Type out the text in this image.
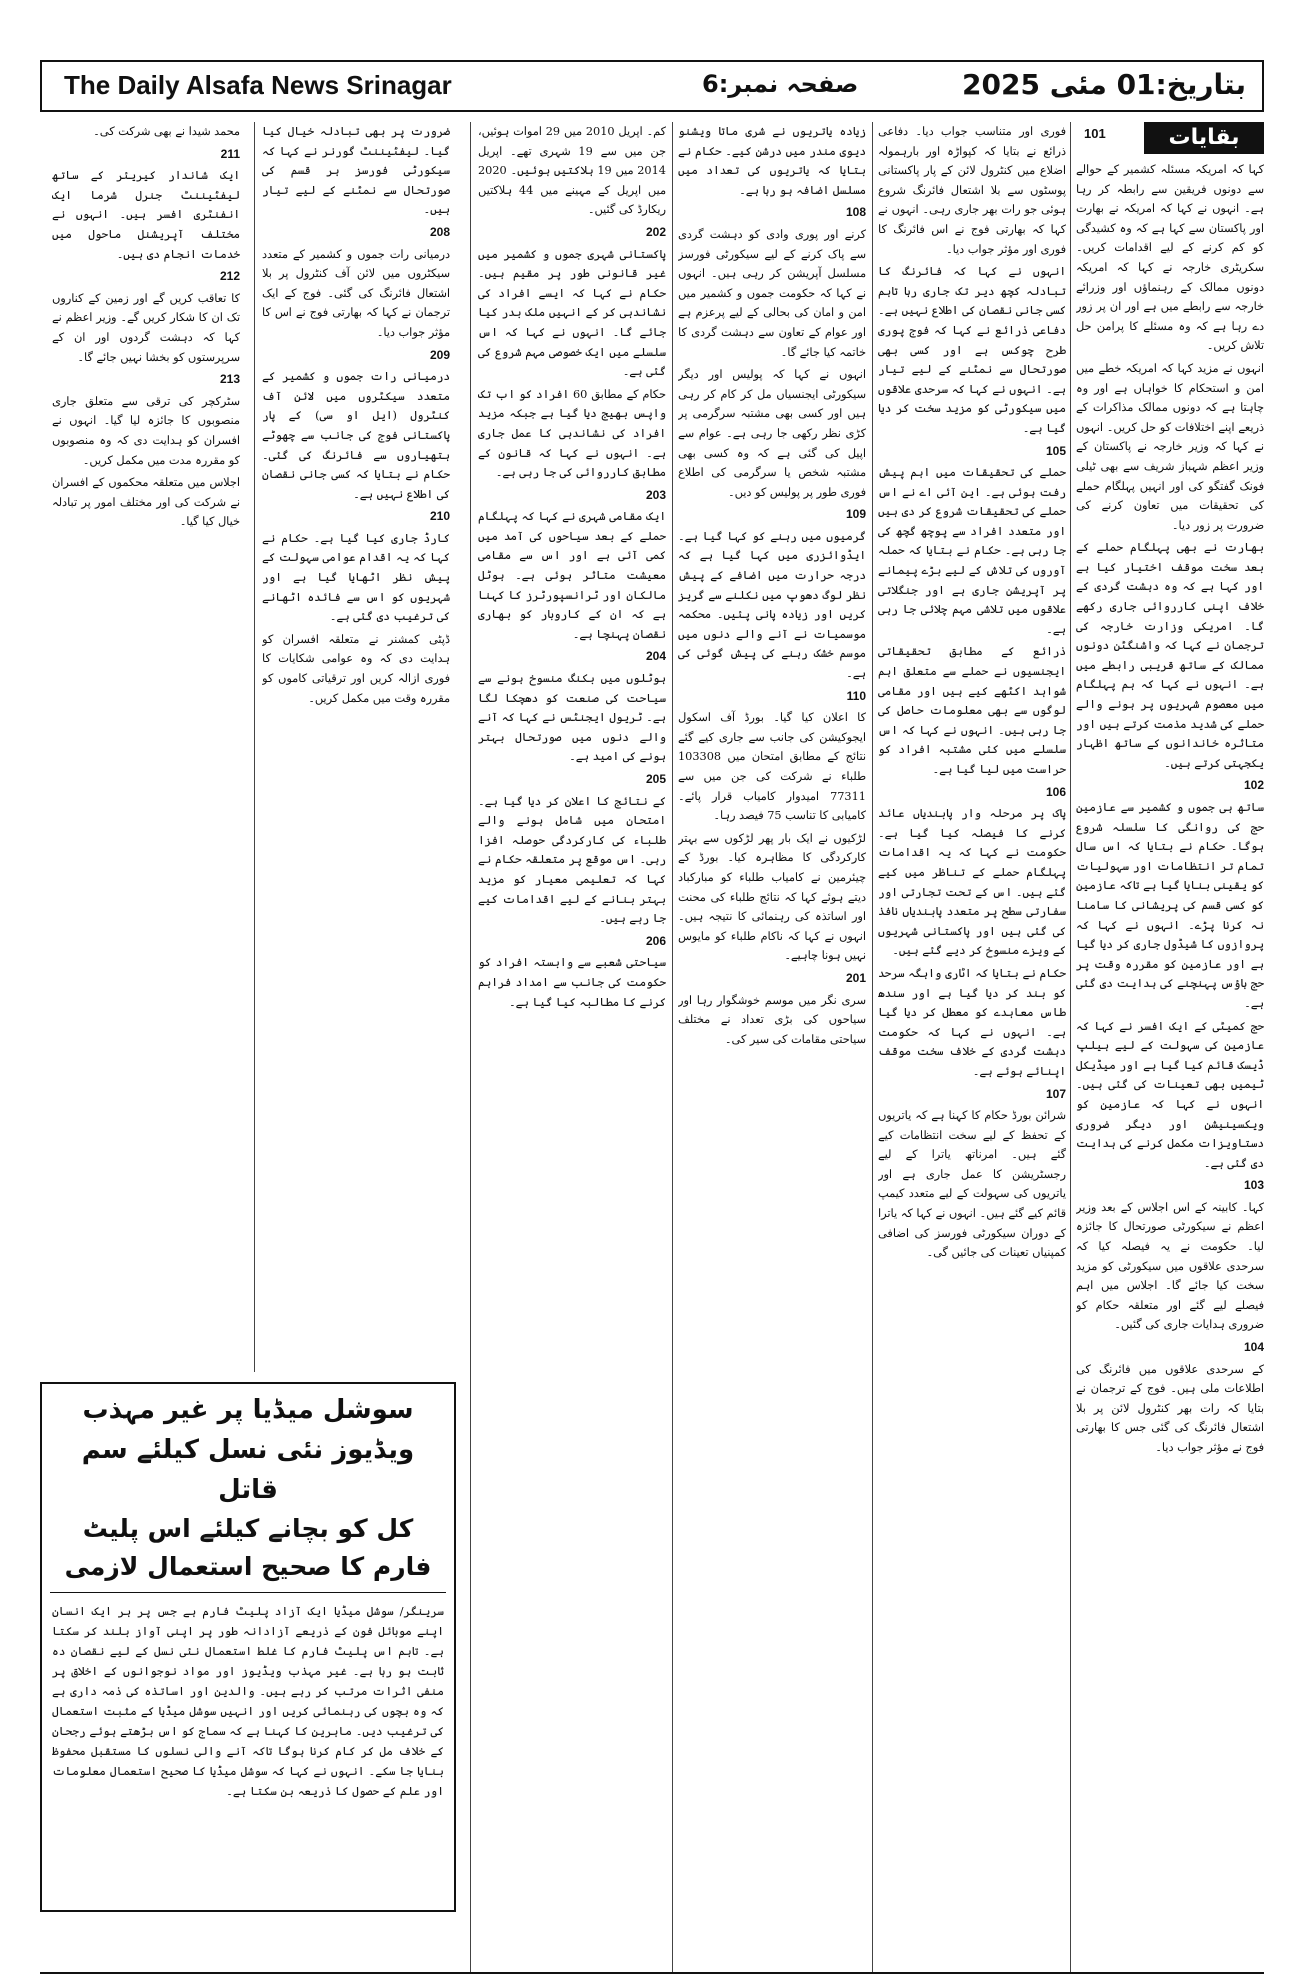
The Daily Alsafa News Srinagar	صفحہ نمبر:6	بتاریخ:01 مئی 2025
بقایات
101

کہا کہ امریکہ مسئلہ کشمیر کے حوالے سے دونوں فریقین سے رابطہ کر رہا ہے۔ انہوں نے کہا کہ امریکہ نے بھارت اور پاکستان سے کہا ہے کہ وہ کشیدگی کو کم کرنے کے لیے اقدامات کریں۔ سکریٹری خارجہ نے کہا کہ امریکہ دونوں ممالک کے رہنماؤں اور وزرائے خارجہ سے رابطے میں ہے اور ان پر زور دے رہا ہے کہ وہ مسئلے کا پرامن حل تلاش کریں۔

انہوں نے مزید کہا کہ امریکہ خطے میں امن و استحکام کا خواہاں ہے اور وہ چاہتا ہے کہ دونوں ممالک مذاکرات کے ذریعے اپنے اختلافات کو حل کریں۔ انہوں نے کہا کہ وزیر خارجہ نے پاکستان کے وزیر اعظم شہباز شریف سے بھی ٹیلی فونک گفتگو کی اور انہیں پہلگام حملے کی تحقیقات میں تعاون کرنے کی ضرورت پر زور دیا۔

بھارت نے بھی پہلگام حملے کے بعد سخت موقف اختیار کیا ہے اور کہا ہے کہ وہ دہشت گردی کے خلاف اپنی کارروائی جاری رکھے گا۔ امریکی وزارت خارجہ کی ترجمان نے کہا کہ واشنگٹن دونوں ممالک کے ساتھ قریبی رابطے میں ہے۔ انہوں نے کہا کہ ہم پہلگام میں معصوم شہریوں پر ہونے والے حملے کی شدید مذمت کرتے ہیں اور متاثرہ خاندانوں کے ساتھ اظہار یکجہتی کرتے ہیں۔

102

ساتھ ہی جموں و کشمیر سے عازمین حج کی روانگی کا سلسلہ شروع ہوگا۔ حکام نے بتایا کہ اس سال تمام تر انتظامات اور سہولیات کو یقینی بنایا گیا ہے تاکہ عازمین کو کسی قسم کی پریشانی کا سامنا نہ کرنا پڑے۔ انہوں نے کہا کہ پروازوں کا شیڈول جاری کر دیا گیا ہے اور عازمین کو مقررہ وقت پر حج ہاؤس پہنچنے کی ہدایت دی گئی ہے۔

حج کمیٹی کے ایک افسر نے کہا کہ عازمین کی سہولت کے لیے ہیلپ ڈیسک قائم کیا گیا ہے اور میڈیکل ٹیمیں بھی تعینات کی گئی ہیں۔ انہوں نے کہا کہ عازمین کو ویکسینیشن اور دیگر ضروری دستاویزات مکمل کرنے کی ہدایت دی گئی ہے۔

103

کہا۔ کابینہ کے اس اجلاس کے بعد وزیر اعظم نے سیکورٹی صورتحال کا جائزہ لیا۔ حکومت نے یہ فیصلہ کیا کہ سرحدی علاقوں میں سیکورٹی کو مزید سخت کیا جائے گا۔ اجلاس میں اہم فیصلے لیے گئے اور متعلقہ حکام کو ضروری ہدایات جاری کی گئیں۔

104

کے سرحدی علاقوں میں فائرنگ کی اطلاعات ملی ہیں۔ فوج کے ترجمان نے بتایا کہ رات بھر کنٹرول لائن پر بلا اشتعال فائرنگ کی گئی جس کا بھارتی فوج نے مؤثر جواب دیا۔

فوری اور متناسب جواب دیا۔ دفاعی ذرائع نے بتایا کہ کپواڑہ اور بارہمولہ اضلاع میں کنٹرول لائن کے پار پاکستانی پوسٹوں سے بلا اشتعال فائرنگ شروع ہوئی جو رات بھر جاری رہی۔ انہوں نے کہا کہ بھارتی فوج نے اس فائرنگ کا فوری اور مؤثر جواب دیا۔

انہوں نے کہا کہ فائرنگ کا تبادلہ کچھ دیر تک جاری رہا تاہم کسی جانی نقصان کی اطلاع نہیں ہے۔ دفاعی ذرائع نے کہا کہ فوج پوری طرح چوکس ہے اور کسی بھی صورتحال سے نمٹنے کے لیے تیار ہے۔ انہوں نے کہا کہ سرحدی علاقوں میں سیکورٹی کو مزید سخت کر دیا گیا ہے۔

105

حملے کی تحقیقات میں اہم پیش رفت ہوئی ہے۔ این آئی اے نے اس حملے کی تحقیقات شروع کر دی ہیں اور متعدد افراد سے پوچھ گچھ کی جا رہی ہے۔ حکام نے بتایا کہ حملہ آوروں کی تلاش کے لیے بڑے پیمانے پر آپریشن جاری ہے اور جنگلاتی علاقوں میں تلاشی مہم چلائی جا رہی ہے۔

ذرائع کے مطابق تحقیقاتی ایجنسیوں نے حملے سے متعلق اہم شواہد اکٹھے کیے ہیں اور مقامی لوگوں سے بھی معلومات حاصل کی جا رہی ہیں۔ انہوں نے کہا کہ اس سلسلے میں کئی مشتبہ افراد کو حراست میں لیا گیا ہے۔

106

پاک پر مرحلہ وار پابندیاں عائد کرنے کا فیصلہ کیا گیا ہے۔ حکومت نے کہا کہ یہ اقدامات پہلگام حملے کے تناظر میں کیے گئے ہیں۔ اس کے تحت تجارتی اور سفارتی سطح پر متعدد پابندیاں نافذ کی گئی ہیں اور پاکستانی شہریوں کے ویزے منسوخ کر دیے گئے ہیں۔

حکام نے بتایا کہ اٹاری واہگہ سرحد کو بند کر دیا گیا ہے اور سندھ طاس معاہدے کو معطل کر دیا گیا ہے۔ انہوں نے کہا کہ حکومت دہشت گردی کے خلاف سخت موقف اپنائے ہوئے ہے۔

107

شرائن بورڈ حکام کا کہنا ہے کہ یاتریوں کے تحفظ کے لیے سخت انتظامات کیے گئے ہیں۔ امرناتھ یاترا کے لیے رجسٹریشن کا عمل جاری ہے اور یاتریوں کی سہولت کے لیے متعدد کیمپ قائم کیے گئے ہیں۔ انہوں نے کہا کہ یاترا کے دوران سیکورٹی فورسز کی اضافی کمپنیاں تعینات کی جائیں گی۔

زیادہ یاتریوں نے شری ماتا ویشنو دیوی مندر میں درشن کیے۔ حکام نے بتایا کہ یاتریوں کی تعداد میں مسلسل اضافہ ہو رہا ہے۔

108

کرنے اور پوری وادی کو دہشت گردی سے پاک کرنے کے لیے سیکورٹی فورسز مسلسل آپریشن کر رہی ہیں۔ انہوں نے کہا کہ حکومت جموں و کشمیر میں امن و امان کی بحالی کے لیے پرعزم ہے اور عوام کے تعاون سے دہشت گردی کا خاتمہ کیا جائے گا۔

انہوں نے کہا کہ پولیس اور دیگر سیکورٹی ایجنسیاں مل کر کام کر رہی ہیں اور کسی بھی مشتبہ سرگرمی پر کڑی نظر رکھی جا رہی ہے۔ عوام سے اپیل کی گئی ہے کہ وہ کسی بھی مشتبہ شخص یا سرگرمی کی اطلاع فوری طور پر پولیس کو دیں۔

109

گرمیوں میں رہنے کو کہا گیا ہے۔ ایڈوائزری میں کہا گیا ہے کہ درجہ حرارت میں اضافے کے پیش نظر لوگ دھوپ میں نکلنے سے گریز کریں اور زیادہ پانی پئیں۔ محکمہ موسمیات نے آنے والے دنوں میں موسم خشک رہنے کی پیش گوئی کی ہے۔

110

کا اعلان کیا گیا۔ بورڈ آف اسکول ایجوکیشن کی جانب سے جاری کیے گئے نتائج کے مطابق امتحان میں 103308 طلباء نے شرکت کی جن میں سے 77311 امیدوار کامیاب قرار پائے۔ کامیابی کا تناسب 75 فیصد رہا۔

لڑکیوں نے ایک بار پھر لڑکوں سے بہتر کارکردگی کا مظاہرہ کیا۔ بورڈ کے چیئرمین نے کامیاب طلباء کو مبارکباد دیتے ہوئے کہا کہ نتائج طلباء کی محنت اور اساتذہ کی رہنمائی کا نتیجہ ہیں۔ انہوں نے کہا کہ ناکام طلباء کو مایوس نہیں ہونا چاہیے۔

201

سری نگر میں موسم خوشگوار رہا اور سیاحوں کی بڑی تعداد نے مختلف سیاحتی مقامات کی سیر کی۔

کم۔ اپریل 2010 میں 29 اموات ہوئیں، جن میں سے 19 شہری تھے۔ اپریل 2014 میں 19 ہلاکتیں ہوئیں۔ 2020 میں اپریل کے مہینے میں 44 ہلاکتیں ریکارڈ کی گئیں۔

202

پاکستانی شہری جموں و کشمیر میں غیر قانونی طور پر مقیم ہیں۔ حکام نے کہا کہ ایسے افراد کی نشاندہی کر کے انہیں ملک بدر کیا جائے گا۔ انہوں نے کہا کہ اس سلسلے میں ایک خصوصی مہم شروع کی گئی ہے۔

حکام کے مطابق 60 افراد کو اب تک واپس بھیج دیا گیا ہے جبکہ مزید افراد کی نشاندہی کا عمل جاری ہے۔ انہوں نے کہا کہ قانون کے مطابق کارروائی کی جا رہی ہے۔

203

ایک مقامی شہری نے کہا کہ پہلگام حملے کے بعد سیاحوں کی آمد میں کمی آئی ہے اور اس سے مقامی معیشت متاثر ہوئی ہے۔ ہوٹل مالکان اور ٹرانسپورٹرز کا کہنا ہے کہ ان کے کاروبار کو بھاری نقصان پہنچا ہے۔

204

ہوٹلوں میں بکنگ منسوخ ہونے سے سیاحت کی صنعت کو دھچکا لگا ہے۔ ٹریول ایجنٹس نے کہا کہ آنے والے دنوں میں صورتحال بہتر ہونے کی امید ہے۔

205

کے نتائج کا اعلان کر دیا گیا ہے۔ امتحان میں شامل ہونے والے طلباء کی کارکردگی حوصلہ افزا رہی۔ اس موقع پر متعلقہ حکام نے کہا کہ تعلیمی معیار کو مزید بہتر بنانے کے لیے اقدامات کیے جا رہے ہیں۔

206

سیاحتی شعبے سے وابستہ افراد کو حکومت کی جانب سے امداد فراہم کرنے کا مطالبہ کیا گیا ہے۔

ضرورت پر بھی تبادلہ خیال کیا گیا۔ لیفٹیننٹ گورنر نے کہا کہ سیکورٹی فورسز ہر قسم کی صورتحال سے نمٹنے کے لیے تیار ہیں۔

208

درمیانی رات جموں و کشمیر کے متعدد سیکٹروں میں لائن آف کنٹرول پر بلا اشتعال فائرنگ کی گئی۔ فوج کے ایک ترجمان نے کہا کہ بھارتی فوج نے اس کا مؤثر جواب دیا۔

209

درمیانی رات جموں و کشمیر کے متعدد سیکٹروں میں لائن آف کنٹرول (ایل او سی) کے پار پاکستانی فوج کی جانب سے چھوٹے ہتھیاروں سے فائرنگ کی گئی۔ حکام نے بتایا کہ کسی جانی نقصان کی اطلاع نہیں ہے۔

210

کارڈ جاری کیا گیا ہے۔ حکام نے کہا کہ یہ اقدام عوامی سہولت کے پیش نظر اٹھایا گیا ہے اور شہریوں کو اس سے فائدہ اٹھانے کی ترغیب دی گئی ہے۔

ڈپٹی کمشنر نے متعلقہ افسران کو ہدایت دی کہ وہ عوامی شکایات کا فوری ازالہ کریں اور ترقیاتی کاموں کو مقررہ وقت میں مکمل کریں۔

محمد شیدا نے بھی شرکت کی۔

211

ایک شاندار کیریئر کے ساتھ لیفٹیننٹ جنرل شرما ایک انفنٹری افسر ہیں۔ انہوں نے مختلف آپریشنل ماحول میں خدمات انجام دی ہیں۔

212

کا تعاقب کریں گے اور زمین کے کناروں تک ان کا شکار کریں گے۔ وزیر اعظم نے کہا کہ دہشت گردوں اور ان کے سرپرستوں کو بخشا نہیں جائے گا۔

213

سٹرکچر کی ترقی سے متعلق جاری منصوبوں کا جائزہ لیا گیا۔ انہوں نے افسران کو ہدایت دی کہ وہ منصوبوں کو مقررہ مدت میں مکمل کریں۔

اجلاس میں متعلقہ محکموں کے افسران نے شرکت کی اور مختلف امور پر تبادلہ خیال کیا گیا۔

سوشل میڈیا پر غیر مہذب ویڈیوز نئی نسل کیلئے سم قاتل
کل کو بچانے کیلئے اس پلیٹ فارم کا صحیح استعمال لازمی
سرینگر/ سوشل میڈیا ایک آزاد پلیٹ فارم ہے جس پر ہر ایک انسان اپنے موبائل فون کے ذریعے آزادانہ طور پر اپنی آواز بلند کر سکتا ہے۔ تاہم اس پلیٹ فارم کا غلط استعمال نئی نسل کے لیے نقصان دہ ثابت ہو رہا ہے۔ غیر مہذب ویڈیوز اور مواد نوجوانوں کے اخلاق پر منفی اثرات مرتب کر رہے ہیں۔ والدین اور اساتذہ کی ذمہ داری ہے کہ وہ بچوں کی رہنمائی کریں اور انہیں سوشل میڈیا کے مثبت استعمال کی ترغیب دیں۔ ماہرین کا کہنا ہے کہ سماج کو اس بڑھتے ہوئے رجحان کے خلاف مل کر کام کرنا ہوگا تاکہ آنے والی نسلوں کا مستقبل محفوظ بنایا جا سکے۔ انہوں نے کہا کہ سوشل میڈیا کا صحیح استعمال معلومات اور علم کے حصول کا ذریعہ بن سکتا ہے۔
